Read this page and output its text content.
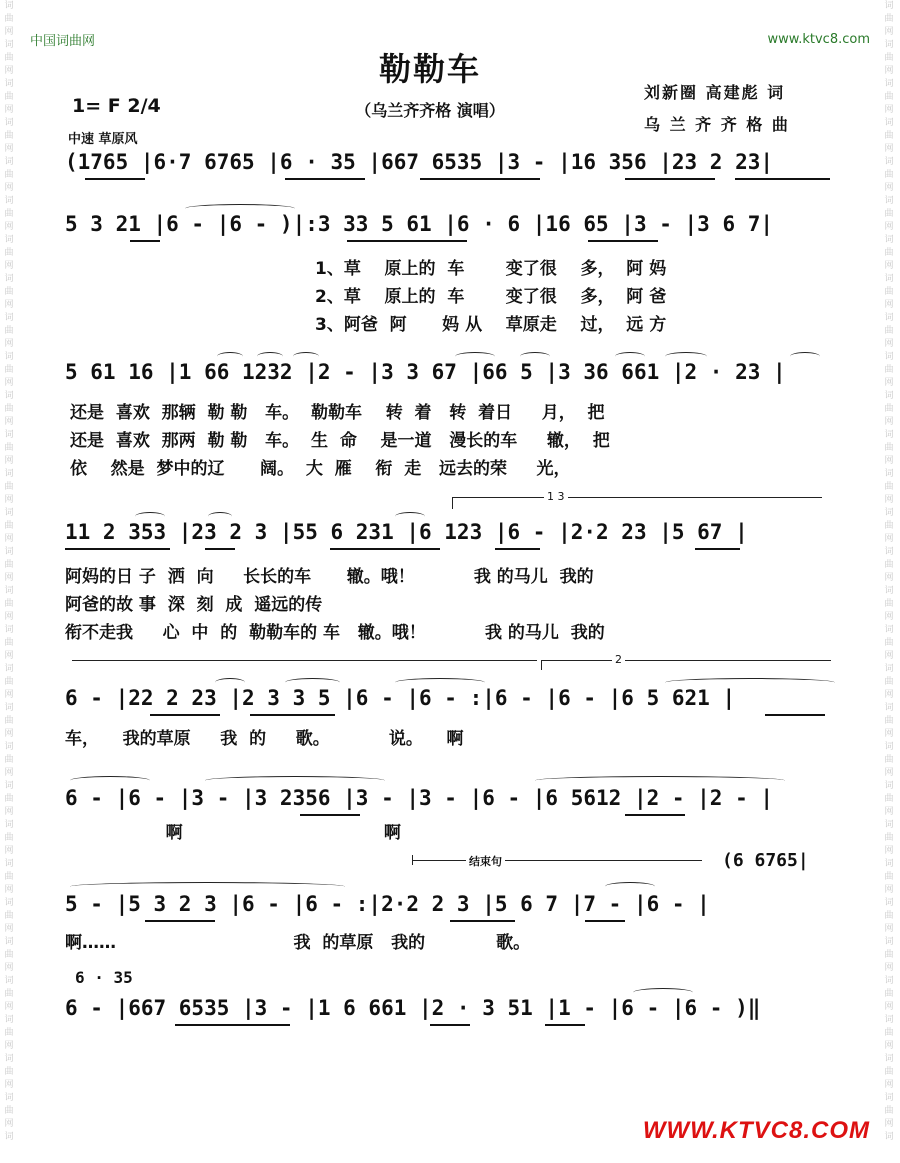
词
曲
网
词
曲
网
词
曲
网
词
曲
网
词
曲
网
词
曲
网
词
曲
网
词
曲
网
词
曲
网
词
曲
网
词
曲
网
词
曲
网
词
曲
网
词
曲
网
词
曲
网
词
曲
网
词
曲
网
词
曲
网
词
曲
网
词
曲
网
词
曲
网
词
曲
网
词
曲
网
词
曲
网
词
曲
网
词
曲
网
词
曲
网
词
曲
网
词
曲
网
词
词
曲
网
词
曲
网
词
曲
网
词
曲
网
词
曲
网
词
曲
网
词
曲
网
词
曲
网
词
曲
网
词
曲
网
词
曲
网
词
曲
网
词
曲
网
词
曲
网
词
曲
网
词
曲
网
词
曲
网
词
曲
网
词
曲
网
词
曲
网
词
曲
网
词
曲
网
词
曲
网
词
曲
网
词
曲
网
词
曲
网
词
曲
网
词
曲
网
词
曲
网
词
中国词曲网	www.ktvc8.com
勒勒车
（乌兰齐齐格 演唱）
刘新圈 高建彪 词
乌 兰 齐 齐 格 曲
1= F 2/4
中速 草原风
(1765 |6·7 6765 |6 · 35 |667 6535 |3 - |16 356 |23 2 23|
5 3 21 |6 - |6 - )|:3 33 5 61 |6 · 6 |16 65 |3 - |3 6 7|
1、草    原上的  车       变了很    多，  阿 妈
2、草    原上的  车       变了很    多，  阿 爸
3、阿爸  阿      妈 从    草原走    过，  远 方
5 61 16 |1 66 1232 |2 - |3 3 67 |66 5 |3 36 661 |2 · 23 |
还是  喜欢  那辆  勒 勒   车。  勒勒车    转  着   转  着日     月，  把
还是  喜欢  那两  勒 勒   车。  生  命    是一道   漫长的车     辙，  把
依    然是  梦中的辽      阔。  大  雁    衔  走   远去的荣     光，
1 3
11 2 353 |23 2 3 |55 6 231 |6 123 |6 - |2·2 23 |5 67 |
阿妈的日 子  洒  向     长长的车      辙。哦！          我 的马儿  我的
阿爸的故 事  深  刻  成  遥远的传
衔不走我     心  中  的  勒勒车的 车   辙。哦！          我 的马儿  我的
2
6 - |22 2 23 |2 3 3 5 |6 - |6 - :|6 - |6 - |6 5 621 |
车，    我的草原     我  的     歌。          说。    啊
6 - |6 - |3 - |3 2356 |3 - |3 - |6 - |6 5612 |2 - |2 - |
啊                                  啊
结束句	(6 6765|
5 - |5 3 2 3 |6 - |6 - :|2·2 2 3 |5 6 7 |7 - |6 - |
啊……                              我  的草原   我的            歌。
6 · 35
6 - |667 6535 |3 - |1 6 661 |2 · 3 51 |1 - |6 - |6 - )‖
WWW.KTVC8.COM
